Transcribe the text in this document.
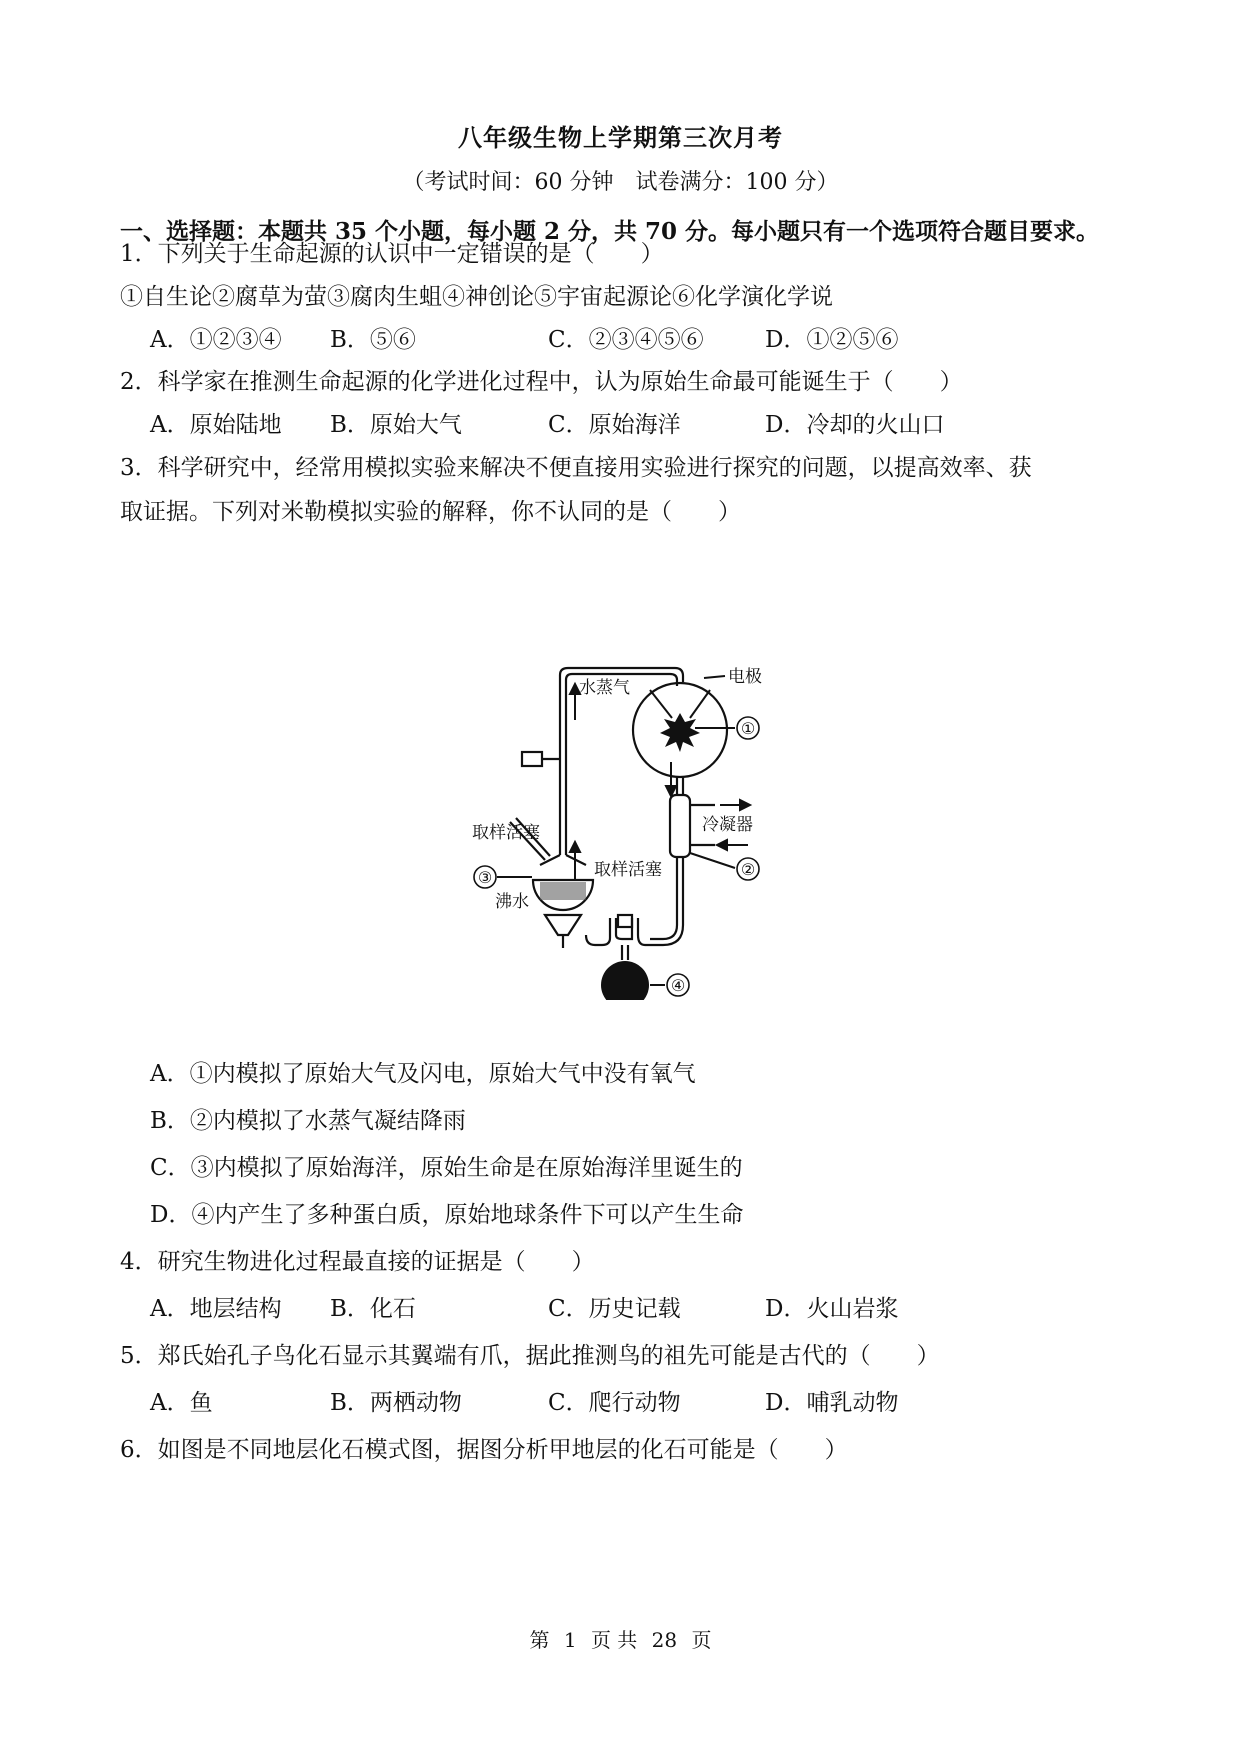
八年级生物上学期第三次月考
（考试时间：60 分钟　试卷满分：100 分）
一、选择题：本题共 35 个小题，每小题 2 分，共 70 分。每小题只有一个选项符合题目要求。
1．下列关于生命起源的认识中一定错误的是（　　）
①自生论②腐草为萤③腐肉生蛆④神创论⑤宇宙起源论⑥化学演化学说
A．①②③④ B．⑤⑥	C．②③④⑤⑥	D．①②⑤⑥
2．科学家在推测生命起源的化学进化过程中，认为原始生命最可能诞生于（　　）
A．原始陆地 B．原始大气	C．原始海洋	D．冷却的火山口
3．科学研究中，经常用模拟实验来解决不便直接用实验进行探究的问题，以提高效率、获
取证据。下列对米勒模拟实验的解释，你不认同的是（　　）
①
②
④
③
水蒸气
电极
冷凝器
取样活塞
取样活塞
沸水
A．①内模拟了原始大气及闪电，原始大气中没有氧气
B．②内模拟了水蒸气凝结降雨
C．③内模拟了原始海洋，原始生命是在原始海洋里诞生的
D．④内产生了多种蛋白质，原始地球条件下可以产生生命
4．研究生物进化过程最直接的证据是（　　）
A．地层结构 B．化石	C．历史记载	D．火山岩浆
5．郑氏始孔子鸟化石显示其翼端有爪，据此推测鸟的祖先可能是古代的（　　）
A．鱼	B．两栖动物	C．爬行动物	D．哺乳动物
6．如图是不同地层化石模式图，据图分析甲地层的化石可能是（　　）
第 1 页 共 28 页
